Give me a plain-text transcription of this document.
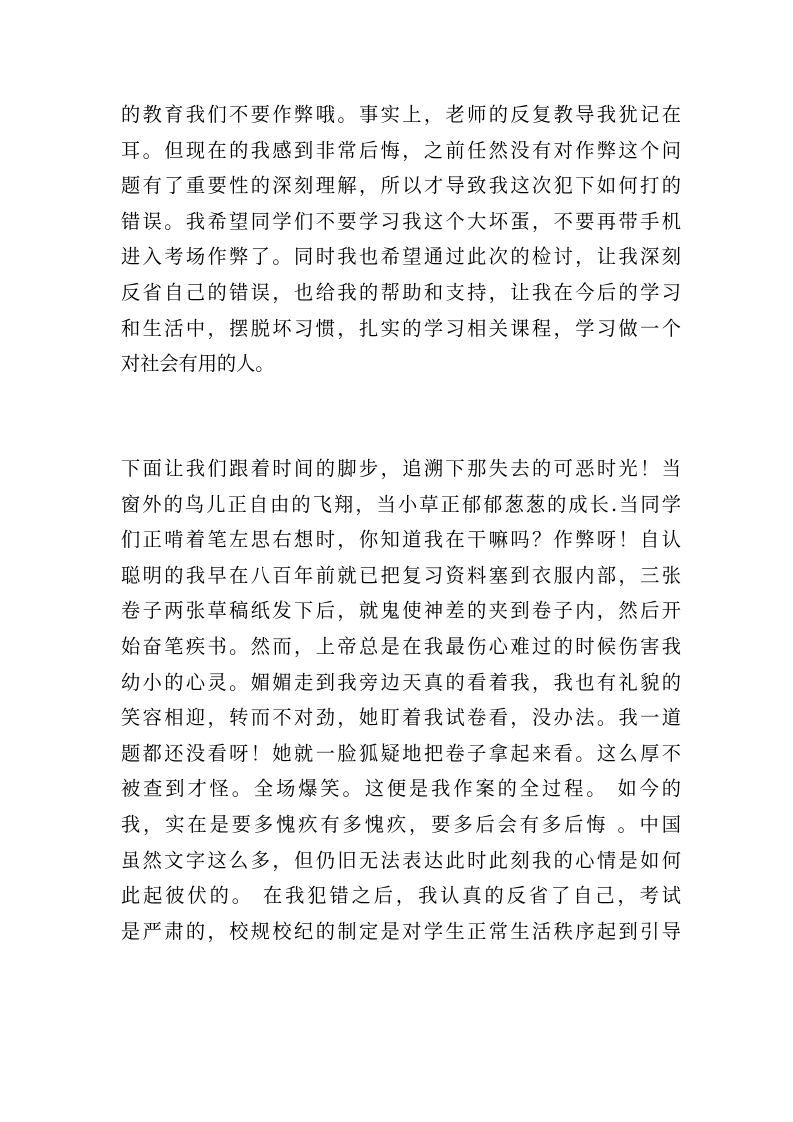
的教育我们不要作弊哦。事实上，老师的反复教导我犹记在
耳。但现在的我感到非常后悔，之前任然没有对作弊这个问
题有了重要性的深刻理解，所以才导致我这次犯下如何打的
错误。我希望同学们不要学习我这个大坏蛋，不要再带手机
进入考场作弊了。同时我也希望通过此次的检讨，让我深刻
反省自己的错误，也给我的帮助和支持，让我在今后的学习
和生活中，摆脱坏习惯，扎实的学习相关课程，学习做一个
对社会有用的人。
下面让我们跟着时间的脚步，追溯下那失去的可恶时光！当
窗外的鸟儿正自由的飞翔，当小草正郁郁葱葱的成长.当同学
们正啃着笔左思右想时，你知道我在干嘛吗？作弊呀！自认
聪明的我早在八百年前就已把复习资料塞到衣服内部，三张
卷子两张草稿纸发下后，就鬼使神差的夹到卷子内，然后开
始奋笔疾书。然而，上帝总是在我最伤心难过的时候伤害我
幼小的心灵。媚媚走到我旁边天真的看着我，我也有礼貌的
笑容相迎，转而不对劲，她盯着我试卷看，没办法。我一道
题都还没看呀！她就一脸狐疑地把卷子拿起来看。这么厚不
被查到才怪。全场爆笑。这便是我作案的全过程。 如今的
我，实在是要多愧疚有多愧疚，要多后会有多后悔 。中国
虽然文字这么多，但仍旧无法表达此时此刻我的心情是如何
此起彼伏的。 在我犯错之后，我认真的反省了自己，考试
是严肃的，校规校纪的制定是对学生正常生活秩序起到引导
